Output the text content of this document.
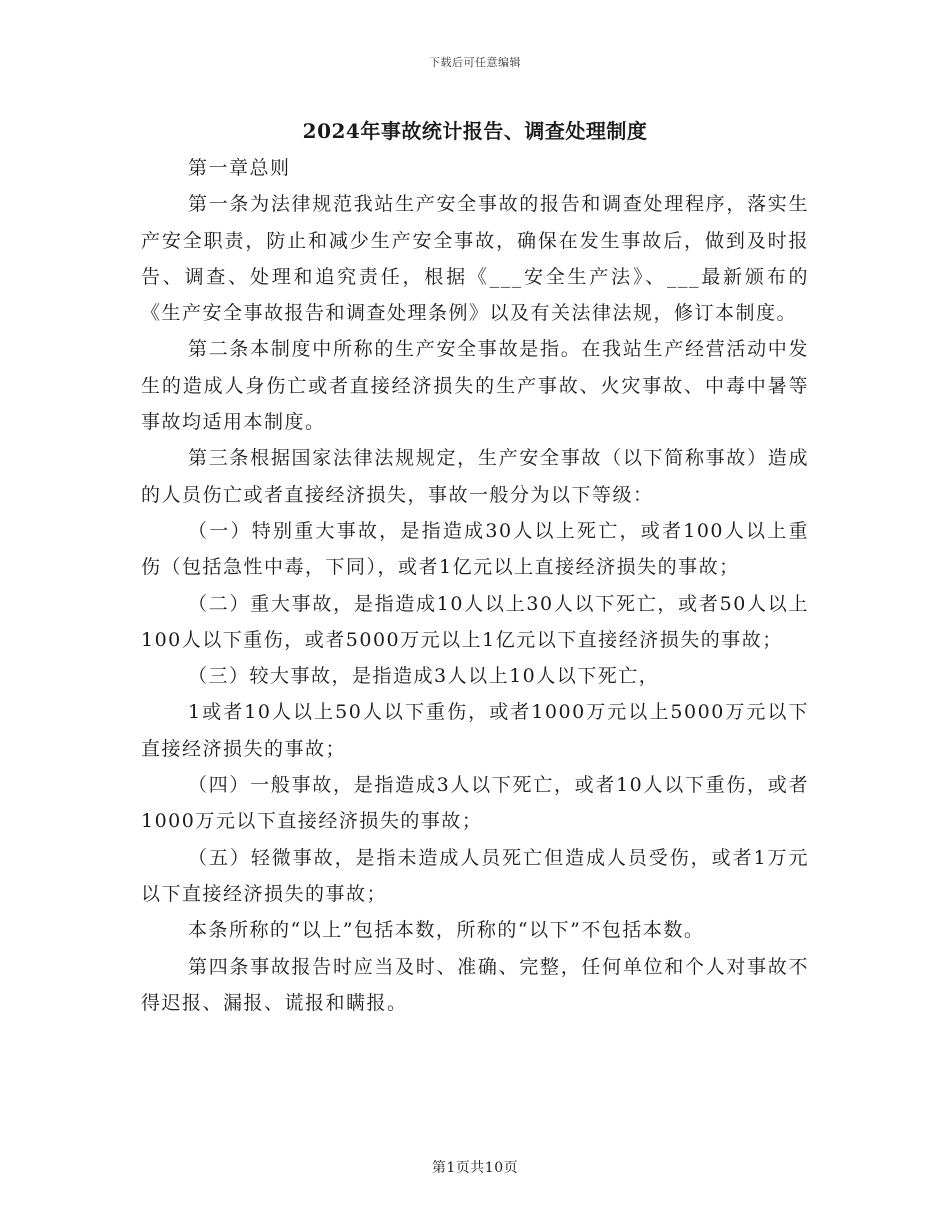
下载后可任意编辑
2024年事故统计报告、调查处理制度

第一章总则

第一条为法律规范我站生产安全事故的报告和调查处理程序，落实生产安全职责，防止和减少生产安全事故，确保在发生事故后，做到及时报告、调查、处理和追究责任，根据《___安全生产法》、___最新颁布的《生产安全事故报告和调查处理条例》以及有关法律法规，修订本制度。

第二条本制度中所称的生产安全事故是指。在我站生产经营活动中发生的造成人身伤亡或者直接经济损失的生产事故、火灾事故、中毒中暑等事故均适用本制度。

第三条根据国家法律法规规定，生产安全事故（以下简称事故）造成的人员伤亡或者直接经济损失，事故一般分为以下等级：

（一）特别重大事故，是指造成30人以上死亡，或者100人以上重伤（包括急性中毒，下同），或者1亿元以上直接经济损失的事故；

（二）重大事故，是指造成10人以上30人以下死亡，或者50人以上100人以下重伤，或者5000万元以上1亿元以下直接经济损失的事故；

（三）较大事故，是指造成3人以上10人以下死亡，

1或者10人以上50人以下重伤，或者1000万元以上5000万元以下直接经济损失的事故；

（四）一般事故，是指造成3人以下死亡，或者10人以下重伤，或者1000万元以下直接经济损失的事故；

（五）轻微事故，是指未造成人员死亡但造成人员受伤，或者1万元以下直接经济损失的事故；

本条所称的“以上”包括本数，所称的“以下”不包括本数。

第四条事故报告时应当及时、准确、完整，任何单位和个人对事故不得迟报、漏报、谎报和瞒报。

第1页共10页
